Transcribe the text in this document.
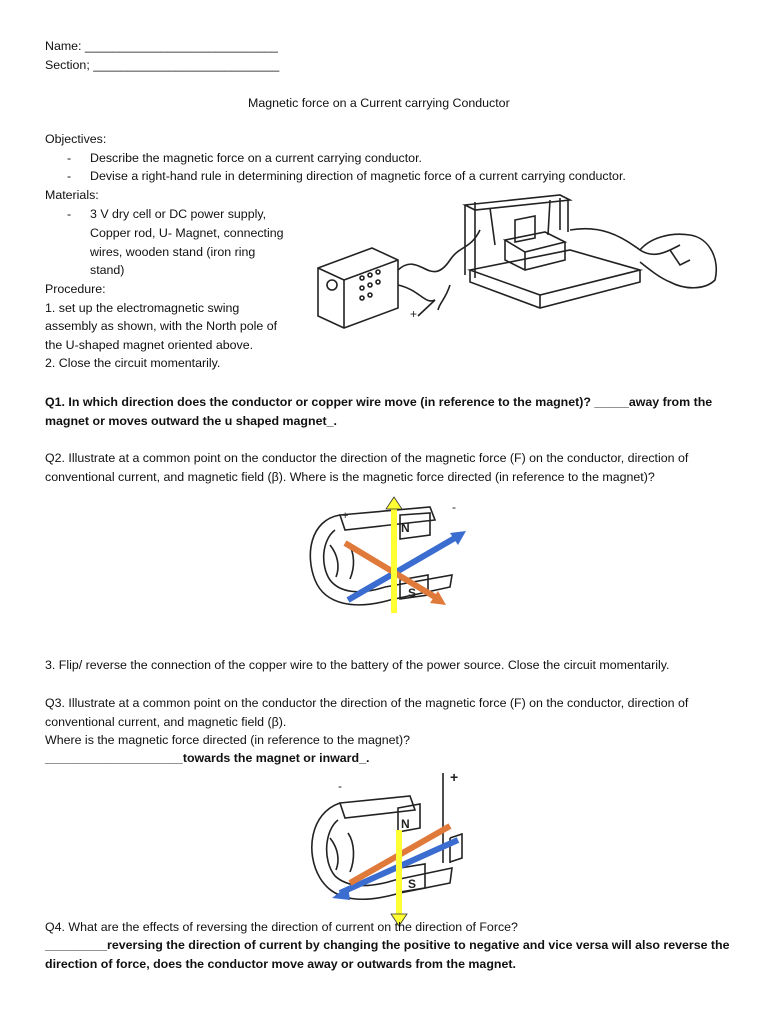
Name: ____________________________
Section; ___________________________
Magnetic force on a Current carrying Conductor
Objectives:
- Describe the magnetic force on a current carrying conductor.
- Devise a right-hand rule in determining direction of magnetic force of a current carrying conductor.
Materials:
- 3 V dry cell or DC power supply,
Copper rod, U- Magnet, connecting
wires, wooden stand (iron ring
stand)
Procedure:
1. set up the electromagnetic swing
assembly as shown, with the North pole of
the U-shaped magnet oriented above.
2. Close the circuit momentarily.
+
Q1. In which direction does the conductor or copper wire move (in reference to the magnet)? _____away from the
magnet or moves outward the u shaped magnet_.
Q2. Illustrate at a common point on the conductor the direction of the magnetic force (F) on the conductor, direction of
conventional current, and magnetic field (β). Where is the magnetic force directed (in reference to the magnet)?
+
-
N
S
3. Flip/ reverse the connection of the copper wire to the battery of the power source. Close the circuit momentarily.
Q3. Illustrate at a common point on the conductor the direction of the magnetic force (F) on the conductor, direction of
conventional current, and magnetic field (β).
Where is the magnetic force directed (in reference to the magnet)?
____________________towards the magnet or inward_.
+
-
N
S
Q4. What are the effects of reversing the direction of current on the direction of Force?
_________reversing the direction of current by changing the positive to negative and vice versa will also reverse the
direction of force, does the conductor move away or outwards from the magnet.
